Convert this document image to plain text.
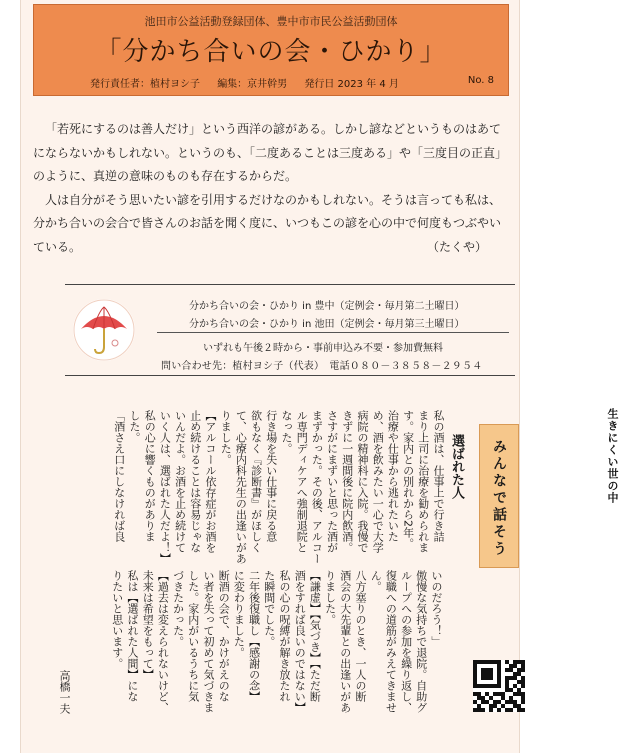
池田市公益活動登録団体、豊中市市民公益活動団体
「分かち合いの会・ひかり」
発行責任者：植村ヨシ子 編集：京井幹男 発行日 2023 年 4 月	No. 8

「若死にするのは善人だけ」という西洋の諺がある。しかし諺などというものはあてにならないかもしれない。というのも、「二度あることは三度ある」や「三度目の正直」のように、真逆の意味のものも存在するからだ。

人は自分がそう思いたい諺を引用するだけなのかもしれない。そうは言っても私は、分かち合いの会合で皆さんのお話を聞く度に、いつもこの諺を心の中で何度もつぶやいている。	（たくや）
分かち合いの会・ひかり in 豊中（定例会・毎月第二土曜日）
分かち合いの会・ひかり in 池田（定例会・毎月第三土曜日）
いずれも午後２時から・事前申込み不要・参加費無料
問い合わせ先：植村ヨシ子（代表）　電話０８０－３８５８－２９５４
みんなで話そう
選ばれた人
高橋一夫
私の酒は、仕事上で行き詰
まり上司に治療を勧められま
す。家内との別れから2年。
治療や仕事から逃れたいた
め、酒を飲みたい一心で大学
病院の精神科に入院。我慢で
きずに一週間後に院内飲酒。
さすがにまずいと思った酒が
まずかった。その後、アルコー
ル専門ディケアへ強制退院と
なった。
行き場を失い仕事に戻る意
欲もなく『診断書』がほしく
て、心療内科先生の出逢いがあ
りました。
【アルコール依存症がお酒を
止め続けることは容易じゃな
いんだよ。お酒を止め続けて
いく人は、選ばれた人だよ！】
私の心に響くものがありま
した。
「酒さえ口にしなければ良
いのだろう！」
傲慢な気持ちで退院。自助グ
ループへの参加を繰り返し、
復職への道筋がみえてきませ
ん。
八方塞りのとき、一人の断
酒会の大先輩との出逢いがあ
りました。
【謙虚】【気づき】【ただ断
酒をすれば良いのではない】
私の心の呪縛が解き放たれ
た瞬間でした。
二年後復職し【感謝の念】
に変わりました。
断酒の会で、かけがえのな
い者を失って初めて気づきま
した。家内がいるうちに気
づきたかった。
【過去は変えられないけど、
未来は希望をもって】
私は【選ばれた人間】にな
りたいと思います。
生きにくい世の中
